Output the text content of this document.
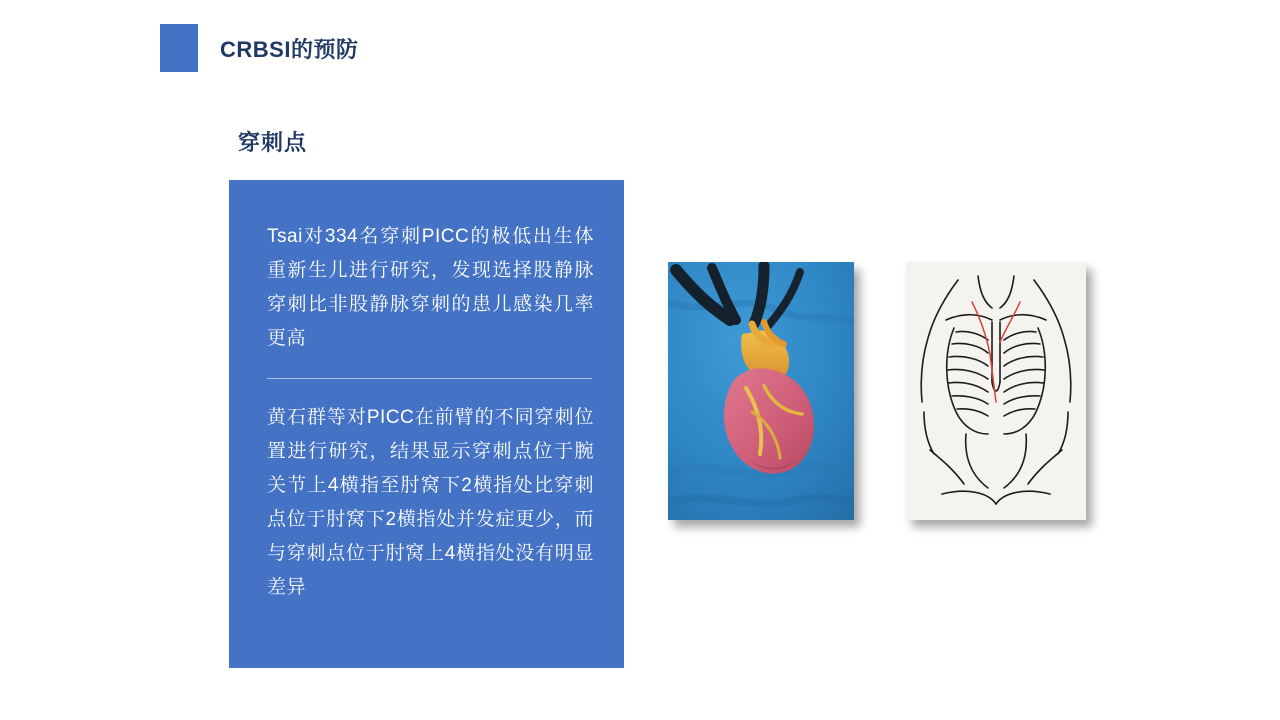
CRBSI的预防
穿刺点
Tsai对334名穿刺PICC的极低出生体重新生儿进行研究，发现选择股静脉穿刺比非股静脉穿刺的患儿感染几率更高
黄石群等对PICC在前臂的不同穿刺位置进行研究，结果显示穿刺点位于腕关节上4横指至肘窝下2横指处比穿刺点位于肘窝下2横指处并发症更少，而与穿刺点位于肘窝上4横指处没有明显差异
